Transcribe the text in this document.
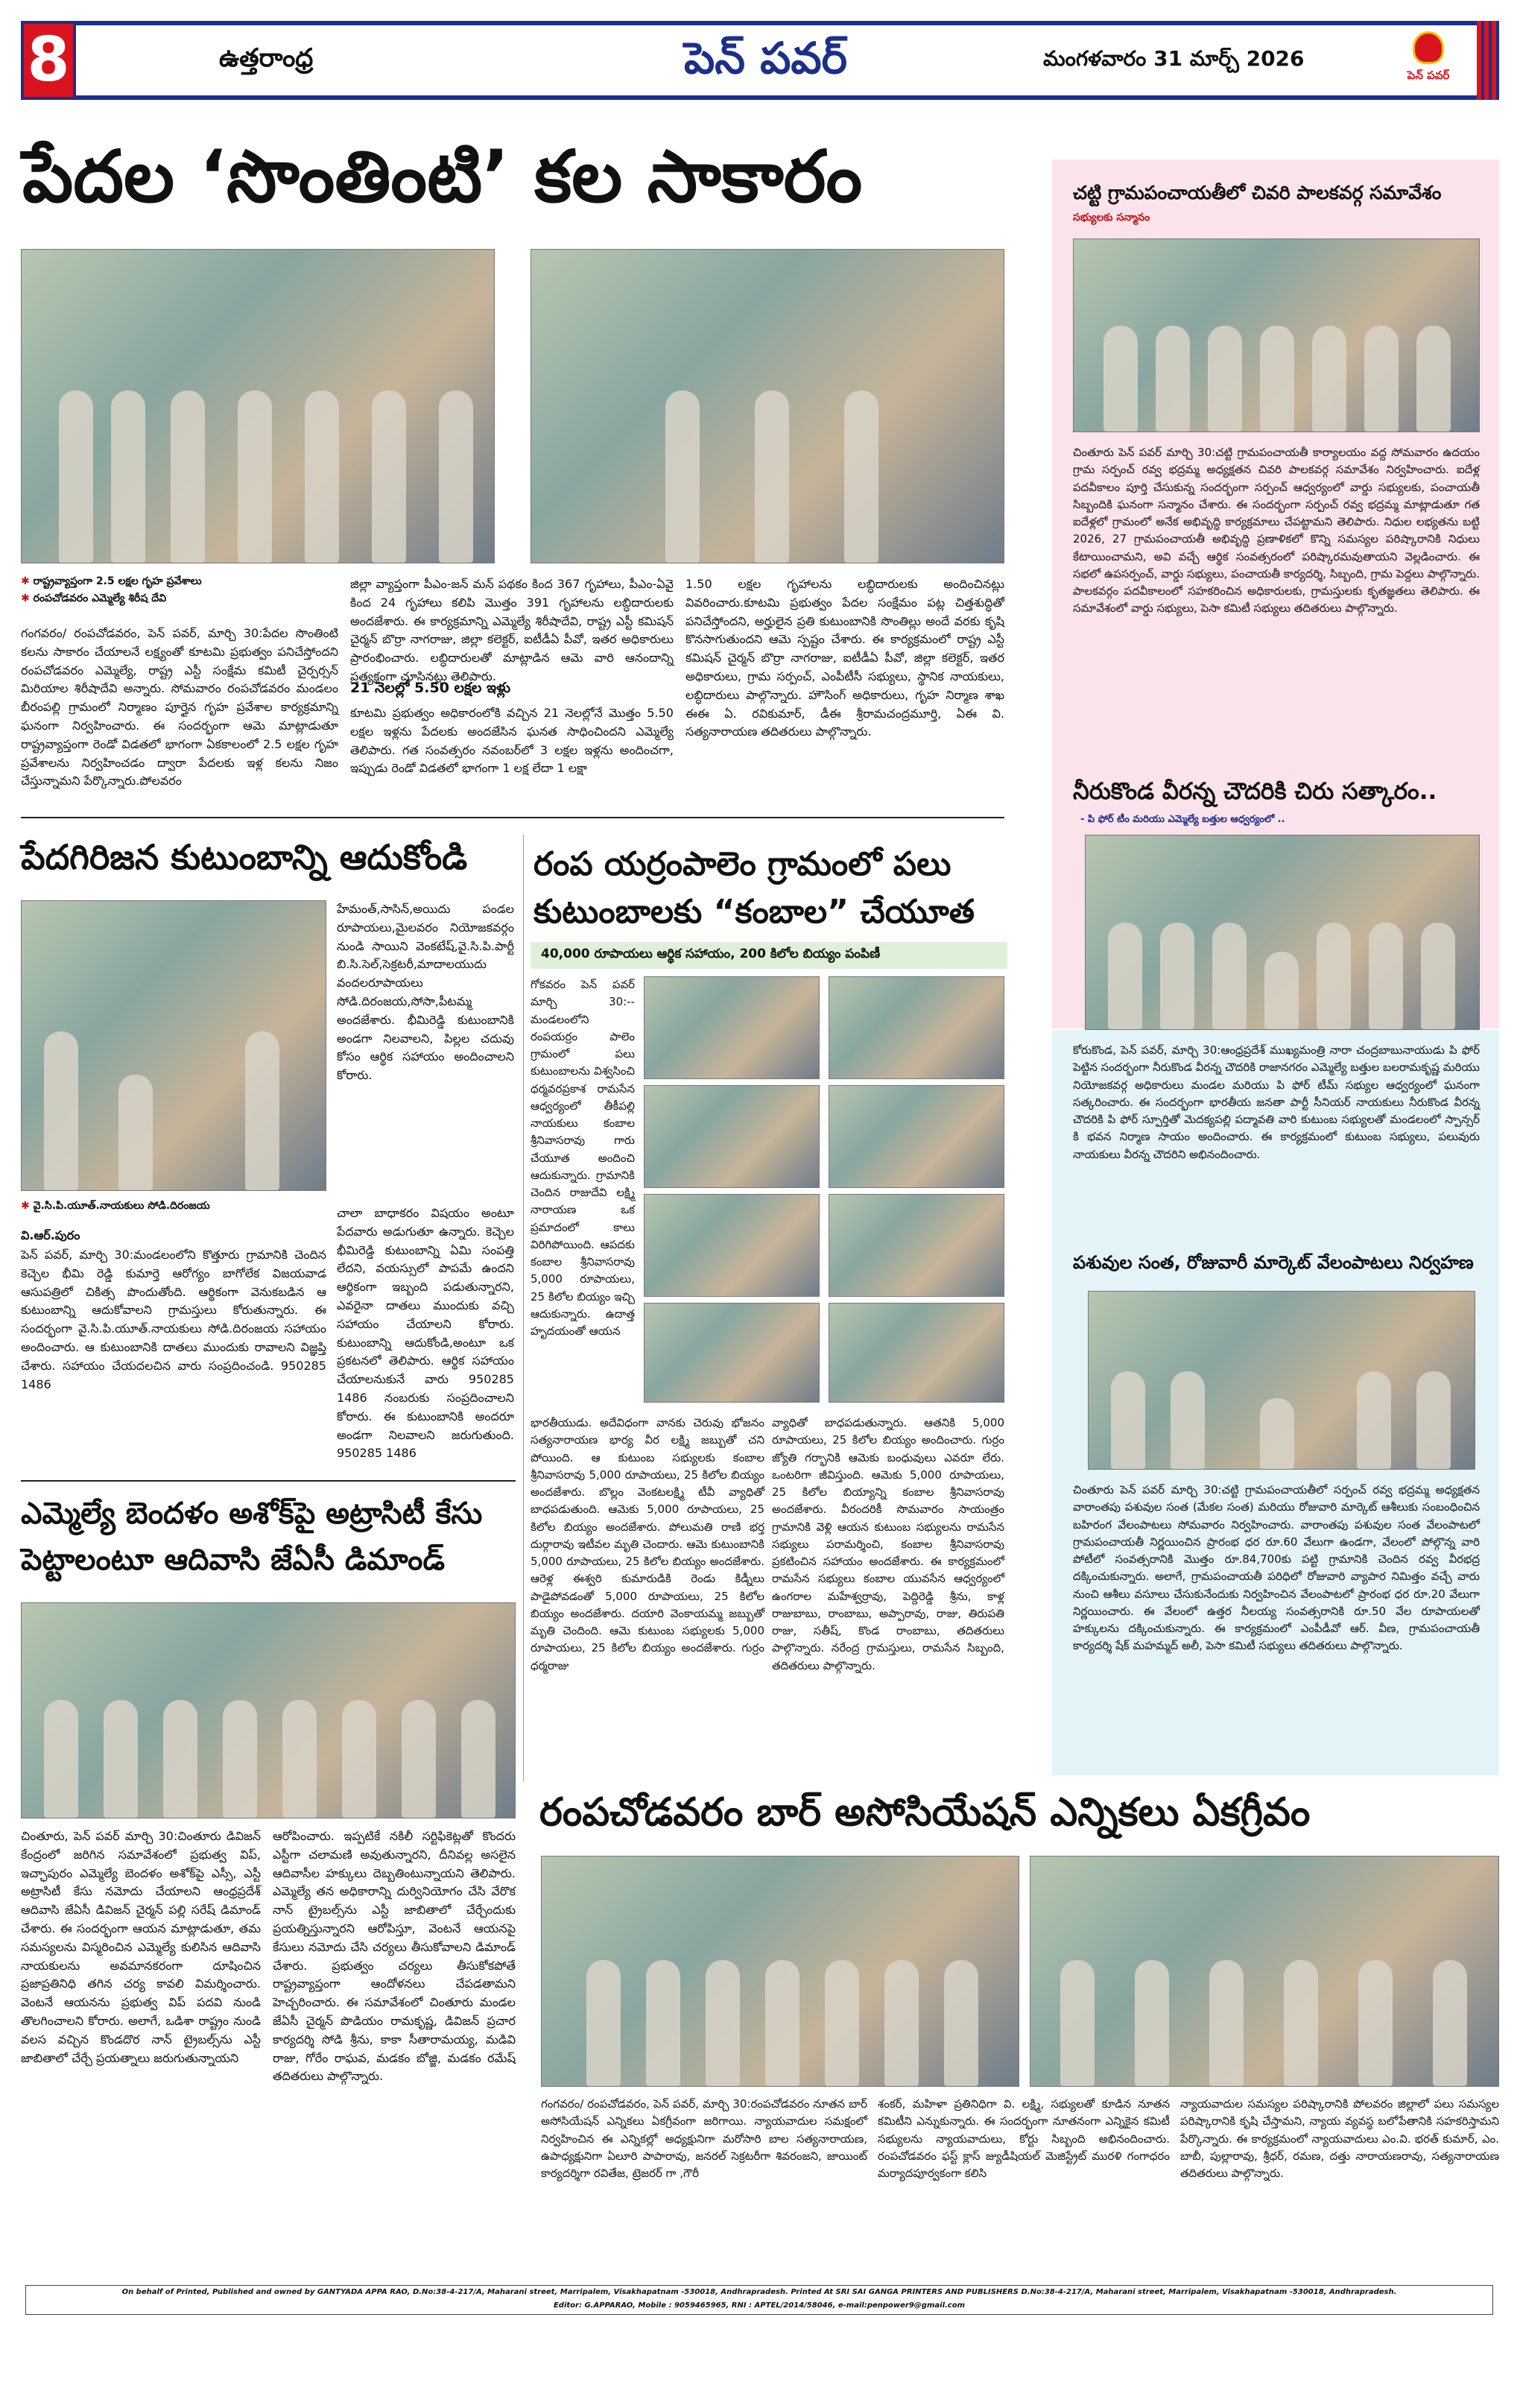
8	ఉత్తరాంధ్ర	పెన్ పవర్	మంగళవారం 31 మార్చ్ 2026
పెన్ పవర్
పేదల ‘సొంతింటి’ కల సాకారం
✱ రాష్ట్రవ్యాప్తంగా 2.5 లక్షల గృహ ప్రవేశాలు
✱ రంపచోడవరం ఎమ్మెల్యే శిరీష దేవి
గంగవరం/ రంపచోడవరం, పెన్ పవర్, మార్చి 30:పేదల సొంతింటి కలను సాకారం చేయాలనే లక్ష్యంతో కూటమి ప్రభుత్వం పనిచేస్తోందని రంపచోడవరం ఎమ్మెల్యే, రాష్ట్ర ఎస్టీ సంక్షేమ కమిటీ చైర్పర్సన్ మిరియాల శిరీషాదేవి అన్నారు. సోమవారం రంపచోడవరం మండలం బీరంపల్లి గ్రామంలో నిర్మాణం పూర్తైన గృహ ప్రవేశాల కార్యక్రమాన్ని ఘనంగా నిర్వహించారు. ఈ సందర్భంగా ఆమె మాట్లాడుతూ రాష్ట్రవ్యాప్తంగా రెండో విడతలో భాగంగా ఏకకాలంలో 2.5 లక్షల గృహ ప్రవేశాలను నిర్వహించడం ద్వారా పేదలకు ఇళ్ల కలను నిజం చేస్తున్నామని పేర్కొన్నారు.పోలవరం
జిల్లా వ్యాప్తంగా పీఎం-జన్ మన్ పథకం కింద 367 గృహాలు, పీఎం-ఏవై కింద 24 గృహాలు కలిపి మొత్తం 391 గృహాలను లబ్ధిదారులకు అందజేశారు. ఈ కార్యక్రమాన్ని ఎమ్మెల్యే శిరీషాదేవి, రాష్ట్ర ఎస్టీ కమిషన్ చైర్మన్ బొర్రా నాగరాజు, జిల్లా కలెక్టర్, ఐటీడీఏ పీవో, ఇతర అధికారులు ప్రారంభించారు. లబ్ధిదారులతో మాట్లాడిన ఆమె వారి ఆనందాన్ని ప్రత్యక్షంగా చూసినట్లు తెలిపారు.
21 నెలల్లో 5.50 లక్షల ఇళ్లు
కూటమి ప్రభుత్వం అధికారంలోకి వచ్చిన 21 నెలల్లోనే మొత్తం 5.50 లక్షల ఇళ్లను పేదలకు అందజేసిన ఘనత సాధించిందని ఎమ్మెల్యే తెలిపారు. గత సంవత్సరం నవంబర్‌లో 3 లక్షల ఇళ్లను అందించగా, ఇప్పుడు రెండో విడతలో భాగంగా 1 లక్ష లేదా 1 లక్షా
1.50 లక్షల గృహాలను లబ్ధిదారులకు అందించినట్లు వివరించారు.కూటమి ప్రభుత్వం పేదల సంక్షేమం పట్ల చిత్తశుద్ధితో పనిచేస్తోందని, అర్హులైన ప్రతి కుటుంబానికి సొంతిల్లు అందే వరకు కృషి కొనసాగుతుందని ఆమె స్పష్టం చేశారు. ఈ కార్యక్రమంలో రాష్ట్ర ఎస్టీ కమిషన్ చైర్మన్ బొర్రా నాగరాజు, ఐటీడీఏ పీవో, జిల్లా కలెక్టర్, ఇతర అధికారులు, గ్రామ సర్పంచ్, ఎంపీటీసీ సభ్యులు, స్థానిక నాయకులు, లబ్ధిదారులు పాల్గొన్నారు. హౌసింగ్ అధికారులు, గృహ నిర్మాణ శాఖ ఈఈ ఏ. రవికుమార్, డీఈ శ్రీరామచంద్రమూర్తి, ఏఈ వి. సత్యనారాయణ తదితరులు పాల్గొన్నారు.
పేదగిరిజన కుటుంబాన్ని ఆదుకోండి
✱ వై.సి.పి.యూత్.నాయకులు సోడి.దిరంజయ
హేమంత్,సాసిన్,అయిదు పండల రూపాయలు,మైలవరం నియోజకవర్గం నుండి సాయిని వెంకటేష్,వై.సి.పి.పార్టీ బి.సి.సెల్,సెక్రటరీ,మాదాలయుదు వందలరూపాయలు సోడి.దిరంజయ,సోసా,పీటమ్మ అందజేశారు. భీమిరెడ్డి కుటుంబానికి అండగా నిలవాలని, పిల్లల చదువు కోసం ఆర్థిక సహాయం అందించాలని కోరారు.
వి.ఆర్.పురం
పెన్ పవర్, మార్చి 30:మండలంలోని కొత్తూరు గ్రామానికి చెందిన కెచ్చెల భీమి రెడ్డి కుమార్తె ఆరోగ్యం బాగోలేక విజయవాడ ఆసుపత్రిలో చికిత్స పొందుతోంది. ఆర్థికంగా వెనుకబడిన ఆ కుటుంబాన్ని ఆదుకోవాలని గ్రామస్తులు కోరుతున్నారు. ఈ సందర్భంగా వై.సి.పి.యూత్.నాయకులు సోడి.దిరంజయ సహాయం అందించారు. ఆ కుటుంబానికి దాతలు ముందుకు రావాలని విజ్ఞప్తి చేశారు. సహాయం చేయదలచిన వారు సంప్రదించండి. 950285 1486
చాలా బాధాకరం విషయం అంటూ పేదవారు అడుగుతూ ఉన్నారు. కెచ్చెల భీమిరెడ్డి కుటుంబాన్ని ఏమి సంపత్తి లేదని, వయస్సులో పాపమే ఉందని ఆర్థికంగా ఇబ్బంది పడుతున్నారని, ఎవరైనా దాతలు ముందుకు వచ్చి సహాయం చేయాలని కోరారు. కుటుంబాన్ని ఆదుకోండి,అంటూ ఒక ప్రకటనలో తెలిపారు. ఆర్థిక సహాయం చేయాలనుకునే వారు 950285 1486 నంబరుకు సంప్రదించాలని కోరారు. ఈ కుటుంబానికి అందరూ అండగా నిలవాలని జరుగుతుంది. 950285 1486
ఎమ్మెల్యే బెందళం అశోక్‌పై అట్రాసిటీ కేసు పెట్టాలంటూ ఆదివాసి జేఏసీ డిమాండ్
చింతూరు, పెన్ పవర్ మార్చి 30:చింతూరు డివిజన్ కేంద్రంలో జరిగిన సమావేశంలో ప్రభుత్వ విప్, ఇచ్ఛాపురం ఎమ్మెల్యే బెందళం అశోక్‌పై ఎస్సీ, ఎస్టీ అట్రాసిటీ కేసు నమోదు చేయాలని ఆంధ్రప్రదేశ్ ఆదివాసి జేఏసీ డివిజన్ చైర్మన్ పల్లి సరేష్ డిమాండ్ చేశారు. ఈ సందర్భంగా ఆయన మాట్లాడుతూ, తమ సమస్యలను విస్మరించిన ఎమ్మెల్యే కులిసిన ఆదివాసి నాయకులను అవమానకరంగా దూషించిన ప్రజాప్రతినిధి తగిన చర్య కావలి విమర్శించారు. వెంటనే ఆయనను ప్రభుత్వ విప్ పదవి నుండి తొలగించాలని కోరారు. అలాగే, ఒడిశా రాష్ట్రం నుండి వలస వచ్చిన కొండదొర నాన్ ట్రైబల్స్‌ను ఎస్టీ జాబితాలో చేర్చే ప్రయత్నాలు జరుగుతున్నాయని
ఆరోపించారు. ఇప్పటికే నకిలీ సర్టిఫికెట్లతో కొందరు ఎస్టీగా చలామణి అవుతున్నారని, దీనివల్ల అసలైన ఆదివాసీల హక్కులు దెబ్బతింటున్నాయని తెలిపారు. ఎమ్మెల్యే తన అధికారాన్ని దుర్వినియోగం చేసి వేరొక నాన్ ట్రైబల్స్‌ను ఎస్టీ జాబితాలో చేర్చేందుకు ప్రయత్నిస్తున్నారని ఆరోపిస్తూ, వెంటనే ఆయనపై కేసులు నమోదు చేసి చర్యలు తీసుకోవాలని డిమాండ్ చేశారు. ప్రభుత్వం చర్యలు తీసుకోకపోతే రాష్ట్రవ్యాప్తంగా ఆందోళనలు చేపడతామని హెచ్చరించారు. ఈ సమావేశంలో చింతూరు మండల జేఏసీ చైర్మన్ పొడియం రామకృష్ణ, డివిజన్ ప్రచార కార్యదర్శి సోడి శ్రీను, కాకా సీతారామయ్య, మడివి రాజు, గోరేం రాఘవ, మడకం బోజ్జి, మడకం రమేష్ తదితరులు పాల్గొన్నారు.
రంప యర్రంపాలెం గ్రామంలో పలు
కుటుంబాలకు “కంబాల” చేయూత
40,000 రూపాయలు ఆర్థిక సహాయం, 200 కిలోల బియ్యం పంపిణీ
గోకవరం పెన్ పవర్ మార్చి 30:--మండలంలోని రంపయర్రం పాలెం గ్రామంలో పలు కుటుంబాలను విశ్వసించి ధర్మవరప్రకాశ రామసేన ఆధ్వర్యంలో తీకీపల్లి నాయకులు కంబాల శ్రీనివాసరావు గారు చేయూత అందించి ఆదుకున్నారు. గ్రామానికి చెందిన రాజుదేవి లక్ష్మి నారాయణ ఒక ప్రమాదంలో కాలు విరిగిపోయింది. ఆపదకు కంబాల శ్రీనివాసరావు 5,000 రూపాయలు, 25 కిలోల బియ్యం ఇచ్చి ఆదుకున్నారు. ఉదాత్త హృదయంతో ఆయన
భారతీయుడు. అదేవిధంగా వానకు చెరువు భోజనం సత్యనారాయణ భార్య వీర లక్ష్మి జబ్బుతో చని పోయింది. ఆ కుటుంబ సభ్యులకు కంబాల శ్రీనివాసరావు 5,000 రూపాయలు, 25 కిలోల బియ్యం అందజేశారు. బొల్లం వెంకటలక్ష్మి టీవీ వ్యాధితో బాధపడుతుంది. ఆమెకు 5,000 రూపాయలు, 25 కిలోల బియ్యం అందజేశారు. పోలుమతి రాణి భర్త దుర్గారావు ఇటీవల మృతి చెందారు. ఆమె కుటుంబానికి 5,000 రూపాయలు, 25 కిలోల బియ్యం అందజేశారు. ఆరెళ్ల ఈశ్వరి కుమారుడికి రెండు కిడ్నీలు పాడైపోవడంతో 5,000 రూపాయలు, 25 కిలోల బియ్యం అందజేశారు. దయారి వెంకాయమ్మ జబ్బుతో మృతి చెందింది. ఆమె కుటుంబ సభ్యులకు 5,000 రూపాయలు, 25 కిలోల బియ్యం అందజేశారు. గుర్రం ధర్మరాజు
వ్యాధితో బాధపడుతున్నారు. ఆతనికి 5,000 రూపాయలు, 25 కిలోల బియ్యం అందించారు. గుర్రం జ్యోతి గర్భానికి ఆమెకు బంధువులు ఎవరూ లేరు. ఒంటరిగా జీవిస్తుంది. ఆమెకు 5,000 రూపాయలు, 25 కిలోల బియ్యాన్ని కంబాల శ్రీనివాసరావు అందజేశారు. వీరందరికీ సొమవారం సాయంత్రం గ్రామానికి వెళ్లి ఆయన కుటుంబ సభ్యులను రామసేన సభ్యులు పరామర్శించి, కంబాల శ్రీనివాసరావు ప్రకటించిన సహాయం అందజేశారు. ఈ కార్యక్రమంలో రామసేన సభ్యులు కంబాల యువసేన ఆధ్వర్యంలో ఉంగరాల మహేశ్వర్రావు, పెద్దిరెడ్డి శ్రీను, కాళ్ల రాజుబాబు, రాంబాబు, అప్పారావు, రాజు, తిరుపతి రాజు, సతీష్, కొండ రాంబాబు, తదితరులు పాల్గొన్నారు. నరేంద్ర గ్రామస్తులు, రామసేన సిబ్బంది, తదితరులు పాల్గొన్నారు.
చట్టి గ్రామపంచాయతీలో చివరి పాలకవర్గ సమావేశం
సభ్యులకు సన్మానం
చింతూరు పెన్ పవర్ మార్చి 30:చట్టి గ్రామపంచాయతీ కార్యాలయం వద్ద సోమవారం ఉదయం గ్రామ సర్పంచ్ రవ్వ భద్రమ్మ అధ్యక్షతన చివరి పాలకవర్గ సమావేశం నిర్వహించారు. ఐదేళ్ల పదవీకాలం పూర్తి చేసుకున్న సందర్భంగా సర్పంచ్ ఆధ్వర్యంలో వార్డు సభ్యులకు, పంచాయతీ సిబ్బందికి ఘనంగా సన్మానం చేశారు. ఈ సందర్భంగా సర్పంచ్ రవ్వ భద్రమ్మ మాట్లాడుతూ గత ఐదేళ్లలో గ్రామంలో అనేక అభివృద్ధి కార్యక్రమాలు చేపట్టామని తెలిపారు. నిధుల లభ్యతను బట్టి 2026, 27 గ్రామపంచాయతీ అభివృద్ధి ప్రణాళికలో కొన్ని సమస్యల పరిష్కారానికి నిధులు కేటాయించామని, అవి వచ్చే ఆర్థిక సంవత్సరంలో పరిష్కారమవుతాయని వెల్లడించారు. ఈ సభలో ఉపసర్పంచ్, వార్డు సభ్యులు, పంచాయతీ కార్యదర్శి, సిబ్బంది, గ్రామ పెద్దలు పాల్గొన్నారు. పాలకవర్గం పదవీకాలంలో సహకరించిన అధికారులకు, గ్రామస్తులకు కృతజ్ఞతలు తెలిపారు. ఈ సమావేశంలో వార్డు సభ్యులు, పెసా కమిటీ సభ్యులు తదితరులు పాల్గొన్నారు.
నీరుకొండ వీరన్న చౌదరికి చిరు సత్కారం..
- పి ఫోర్ టీం మరియు ఎమ్మెల్యే బత్తుల ఆధ్వర్యంలో ..
కోరుకొండ, పెన్ పవర్, మార్చి 30:ఆంధ్రప్రదేశ్ ముఖ్యమంత్రి నారా చంద్రబాబునాయుడు పి ఫోర్ పెట్టిన సందర్భంగా నీరుకొండ వీరన్న చౌదరికి రాజానగరం ఎమ్మెల్యే బత్తుల బలరామకృష్ణ మరియు నియోజకవర్గ అధికారులు మండల మరియు పి ఫోర్ టీమ్ సభ్యుల ఆధ్వర్యంలో ఘనంగా సత్కరించారు. ఈ సందర్భంగా భారతీయ జనతా పార్టీ సీనియర్ నాయకులు నీరుకొండ వీరన్న చౌదరికి పి ఫోర్ స్పూర్తితో మెదక్యపల్లి పద్మావతి వారి కుటుంబ సభ్యులతో మండలంలో స్పాన్సర్ కి భవన నిర్మాణ సాయం అందించారు. ఈ కార్యక్రమంలో కుటుంబ సభ్యులు, పలువురు నాయకులు వీరన్న చౌదరిని అభినందించారు.
పశువుల సంత, రోజువారీ మార్కెట్ వేలంపాటలు నిర్వహణ
చింతూరు పెన్ పవర్ మార్చి 30:చట్టి గ్రామపంచాయతీలో సర్పంచ్ రవ్వ భద్రమ్మ అధ్యక్షతన వారాంతపు పశువుల సంత (మేకల సంత) మరియు రోజువారి మార్కెట్ ఆశీలుకు సంబంధించిన బహిరంగ వేలంపాటలు సోమవారం నిర్వహించారు. వారాంతపు పశువుల సంత వేలంపాటలో గ్రామపంచాయతీ నిర్ణయించిన ప్రారంభ ధర రూ.60 వేలుగా ఉండగా, వేలంలో పోల్గొన్న వారి పోటీలో సంవత్సరానికి మొత్తం రూ.84,700కు పట్టి గ్రామానికి చెందిన రవ్వ వీరభద్ర దక్కించుకున్నారు. అలాగే, గ్రామపంచాయతీ పరిధిలో రోజువారి వ్యాపార నిమిత్తం వచ్చే వారు నుంచి ఆశీలు వసూలు చేసుకునేందుకు నిర్వహించిన వేలంపాటలో ప్రారంభ ధర రూ.20 వేలుగా నిర్ణయించారు. ఈ వేలంలో ఉత్తర నీలయ్య సంవత్సరానికి రూ.50 వేల రూపాయలతో హక్కులను దక్కించుకున్నారు. ఈ కార్యక్రమంలో ఎంపీడీవో ఆర్. వీణ, గ్రామపంచాయతీ కార్యదర్శి షేక్ మహమ్మద్ అలీ, పెసా కమిటీ సభ్యులు తదితరులు పాల్గొన్నారు.
రంపచోడవరం బార్ అసోసియేషన్ ఎన్నికలు ఏకగ్రీవం
గంగవరం/ రంపచోడవరం, పెన్ పవర్, మార్చి 30:రంపచోడవరం నూతన బార్ అసోసియేషన్ ఎన్నికలు ఏకగ్రీవంగా జరిగాయి. న్యాయవాదుల సమక్షంలో నిర్వహించిన ఈ ఎన్నికల్లో అధ్యక్షునిగా మరోసారి బాల సత్యనారాయణ, ఉపాధ్యక్షునిగా ఏలూరి పాపారావు, జనరల్ సెక్రటరీగా శివరంజని, జాయింట్ కార్యదర్శిగా రవితేజ, ట్రెజరర్ గా ,గౌరీ
శంకర్, మహిళా ప్రతినిధిగా వి. లక్ష్మి, సభ్యులతో కూడిన నూతన కమిటీని ఎన్నుకున్నారు. ఈ సందర్భంగా నూతనంగా ఎన్నికైన కమిటీ సభ్యులను న్యాయవాదులు, కోర్టు సిబ్బంది అభినందించారు. రంపచోడవరం ఫస్ట్ క్లాస్ జ్యుడీషియల్ మెజిస్ట్రేట్ మురళి గంగాధరం మర్యాదపూర్వకంగా కలిసి
న్యాయవాదుల సమస్యల పరిష్కారానికి పోలవరం జిల్లాలో పలు సమస్యల పరిష్కారానికి కృషి చేస్తామని, న్యాయ వ్యవస్థ బలోపేతానికి సహకరిస్తామని పేర్కొన్నారు. ఈ కార్యక్రమంలో న్యాయవాదులు ఎం.వి. భరత్ కుమార్, ఎం. బాబీ, పుల్లారావు, శ్రీధర్, రమణ, దత్తు నారాయణరావు, సత్యనారాయణ తదితరులు పాల్గొన్నారు.
On behalf of Printed, Published and owned by GANTYADA APPA RAO, D.No:38-4-217/A, Maharani street, Marripalem, Visakhapatnam -530018, Andhrapradesh. Printed At SRI SAI GANGA PRINTERS AND PUBLISHERS D.No:38-4-217/A, Maharani street, Marripalem, Visakhapatnam -530018, Andhrapradesh.
Editor: G.APPARAO, Mobile : 9059465965, RNI : APTEL/2014/58046, e-mail:penpower9@gmail.com
